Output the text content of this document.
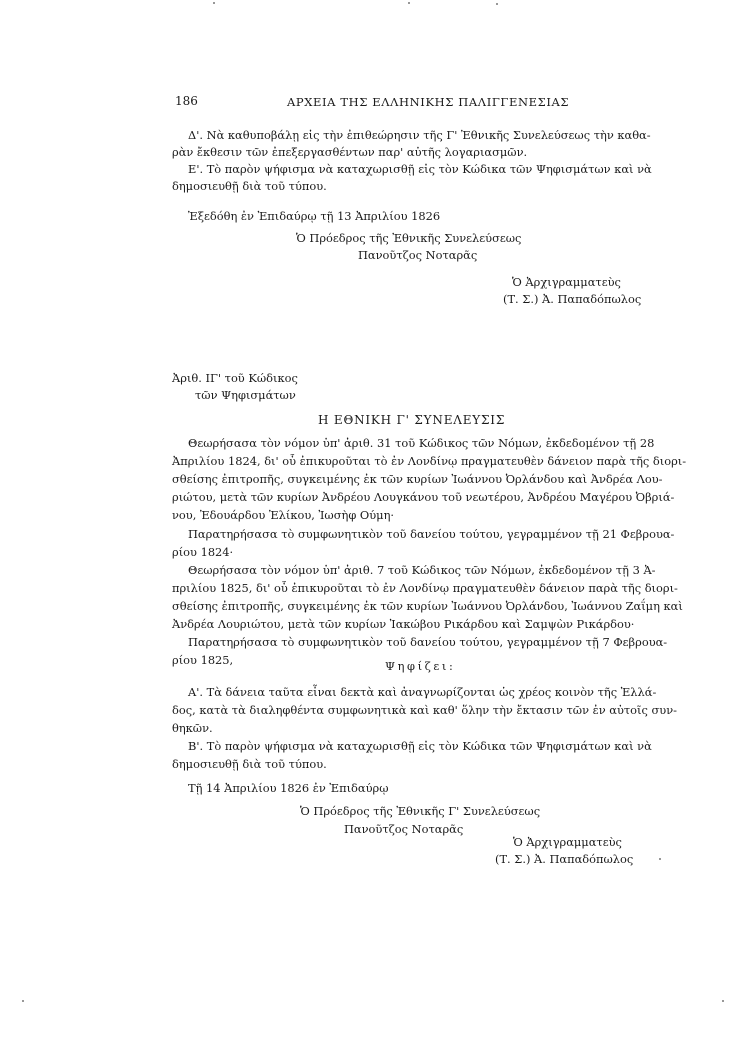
186	ΑΡΧΕΙΑ ΤΗΣ ΕΛΛΗΝΙΚΗΣ ΠΑΛΙΓΓΕΝΕΣΙΑΣ
Δ'. Νὰ καθυποβάλῃ εἰς τὴν ἐπιθεώρησιν τῆς Γ' Ἐθνικῆς Συνελεύσεως τὴν καθα-
ρὰν ἔκθεσιν τῶν ἐπεξεργασθέντων παρ' αὐτῆς λογαριασμῶν.
Ε'. Τὸ παρὸν ψήφισμα νὰ καταχωρισθῇ εἰς τὸν Κώδικα τῶν Ψηφισμάτων καὶ νὰ
δημοσιευθῇ διὰ τοῦ τύπου.
Ἐξεδόθη ἐν Ἐπιδαύρῳ τῇ 13 Ἀπριλίου 1826
Ὁ Πρόεδρος τῆς Ἐθνικῆς Συνελεύσεως
Πανοῦτζος Νοταρᾶς
Ὁ Ἀρχιγραμματεὺς
(Τ. Σ.) Ἀ. Παπαδόπωλος
Ἀριθ. ΙΓ' τοῦ Κώδικος
τῶν Ψηφισμάτων
Η ΕΘΝΙΚΗ Γ' ΣΥΝΕΛΕΥΣΙΣ
Θεωρήσασα τὸν νόμον ὑπ' ἀριθ. 31 τοῦ Κώδικος τῶν Νόμων, ἐκδεδομένον τῇ 28
Ἀπριλίου 1824, δι' οὗ ἐπικυροῦται τὸ ἐν Λονδίνῳ πραγματευθὲν δάνειον παρὰ τῆς διορι-
σθείσης ἐπιτροπῆς, συγκειμένης ἐκ τῶν κυρίων Ἰωάννου Ὀρλάνδου καὶ Ἀνδρέα Λου-
ριώτου, μετὰ τῶν κυρίων Ἀνδρέου Λουγκάνου τοῦ νεωτέρου, Ἀνδρέου Μαγέρου Ὀβριά-
νου, Ἐδουάρδου Ἐλίκου, Ἰωσὴφ Ούμη·
Παρατηρήσασα τὸ συμφωνητικὸν τοῦ δανείου τούτου, γεγραμμένον τῇ 21 Φεβρουα-
ρίου 1824·
Θεωρήσασα τὸν νόμον ὑπ' ἀριθ. 7 τοῦ Κώδικος τῶν Νόμων, ἐκδεδομένον τῇ 3 Ἀ-
πριλίου 1825, δι' οὗ ἐπικυροῦται τὸ ἐν Λονδίνῳ πραγματευθὲν δάνειον παρὰ τῆς διορι-
σθείσης ἐπιτροπῆς, συγκειμένης ἐκ τῶν κυρίων Ἰωάννου Ὀρλάνδου, Ἰωάννου Ζαΐμη καὶ
Ἀνδρέα Λουριώτου, μετὰ τῶν κυρίων Ἰακώβου Ρικάρδου καὶ Σαμψὼν Ρικάρδου·
Παρατηρήσασα τὸ συμφωνητικὸν τοῦ δανείου τούτου, γεγραμμένον τῇ 7 Φεβρουα-
ρίου 1825,	Ψηφίζει:
Α'. Τὰ δάνεια ταῦτα εἶναι δεκτὰ καὶ ἀναγνωρίζονται ὡς χρέος κοινὸν τῆς Ἑλλά-
δος, κατὰ τὰ διαληφθέντα συμφωνητικὰ καὶ καθ' ὅλην τὴν ἔκτασιν τῶν ἐν αὐτοῖς συν-
θηκῶν.
Β'. Τὸ παρὸν ψήφισμα νὰ καταχωρισθῇ εἰς τὸν Κώδικα τῶν Ψηφισμάτων καὶ νὰ
δημοσιευθῇ διὰ τοῦ τύπου.
Τῇ 14 Ἀπριλίου 1826 ἐν Ἐπιδαύρῳ
Ὁ Πρόεδρος τῆς Ἐθνικῆς Γ' Συνελεύσεως
Πανοῦτζος Νοταρᾶς
Ὁ Ἀρχιγραμματεὺς
(Τ. Σ.) Ἀ. Παπαδόπωλος
